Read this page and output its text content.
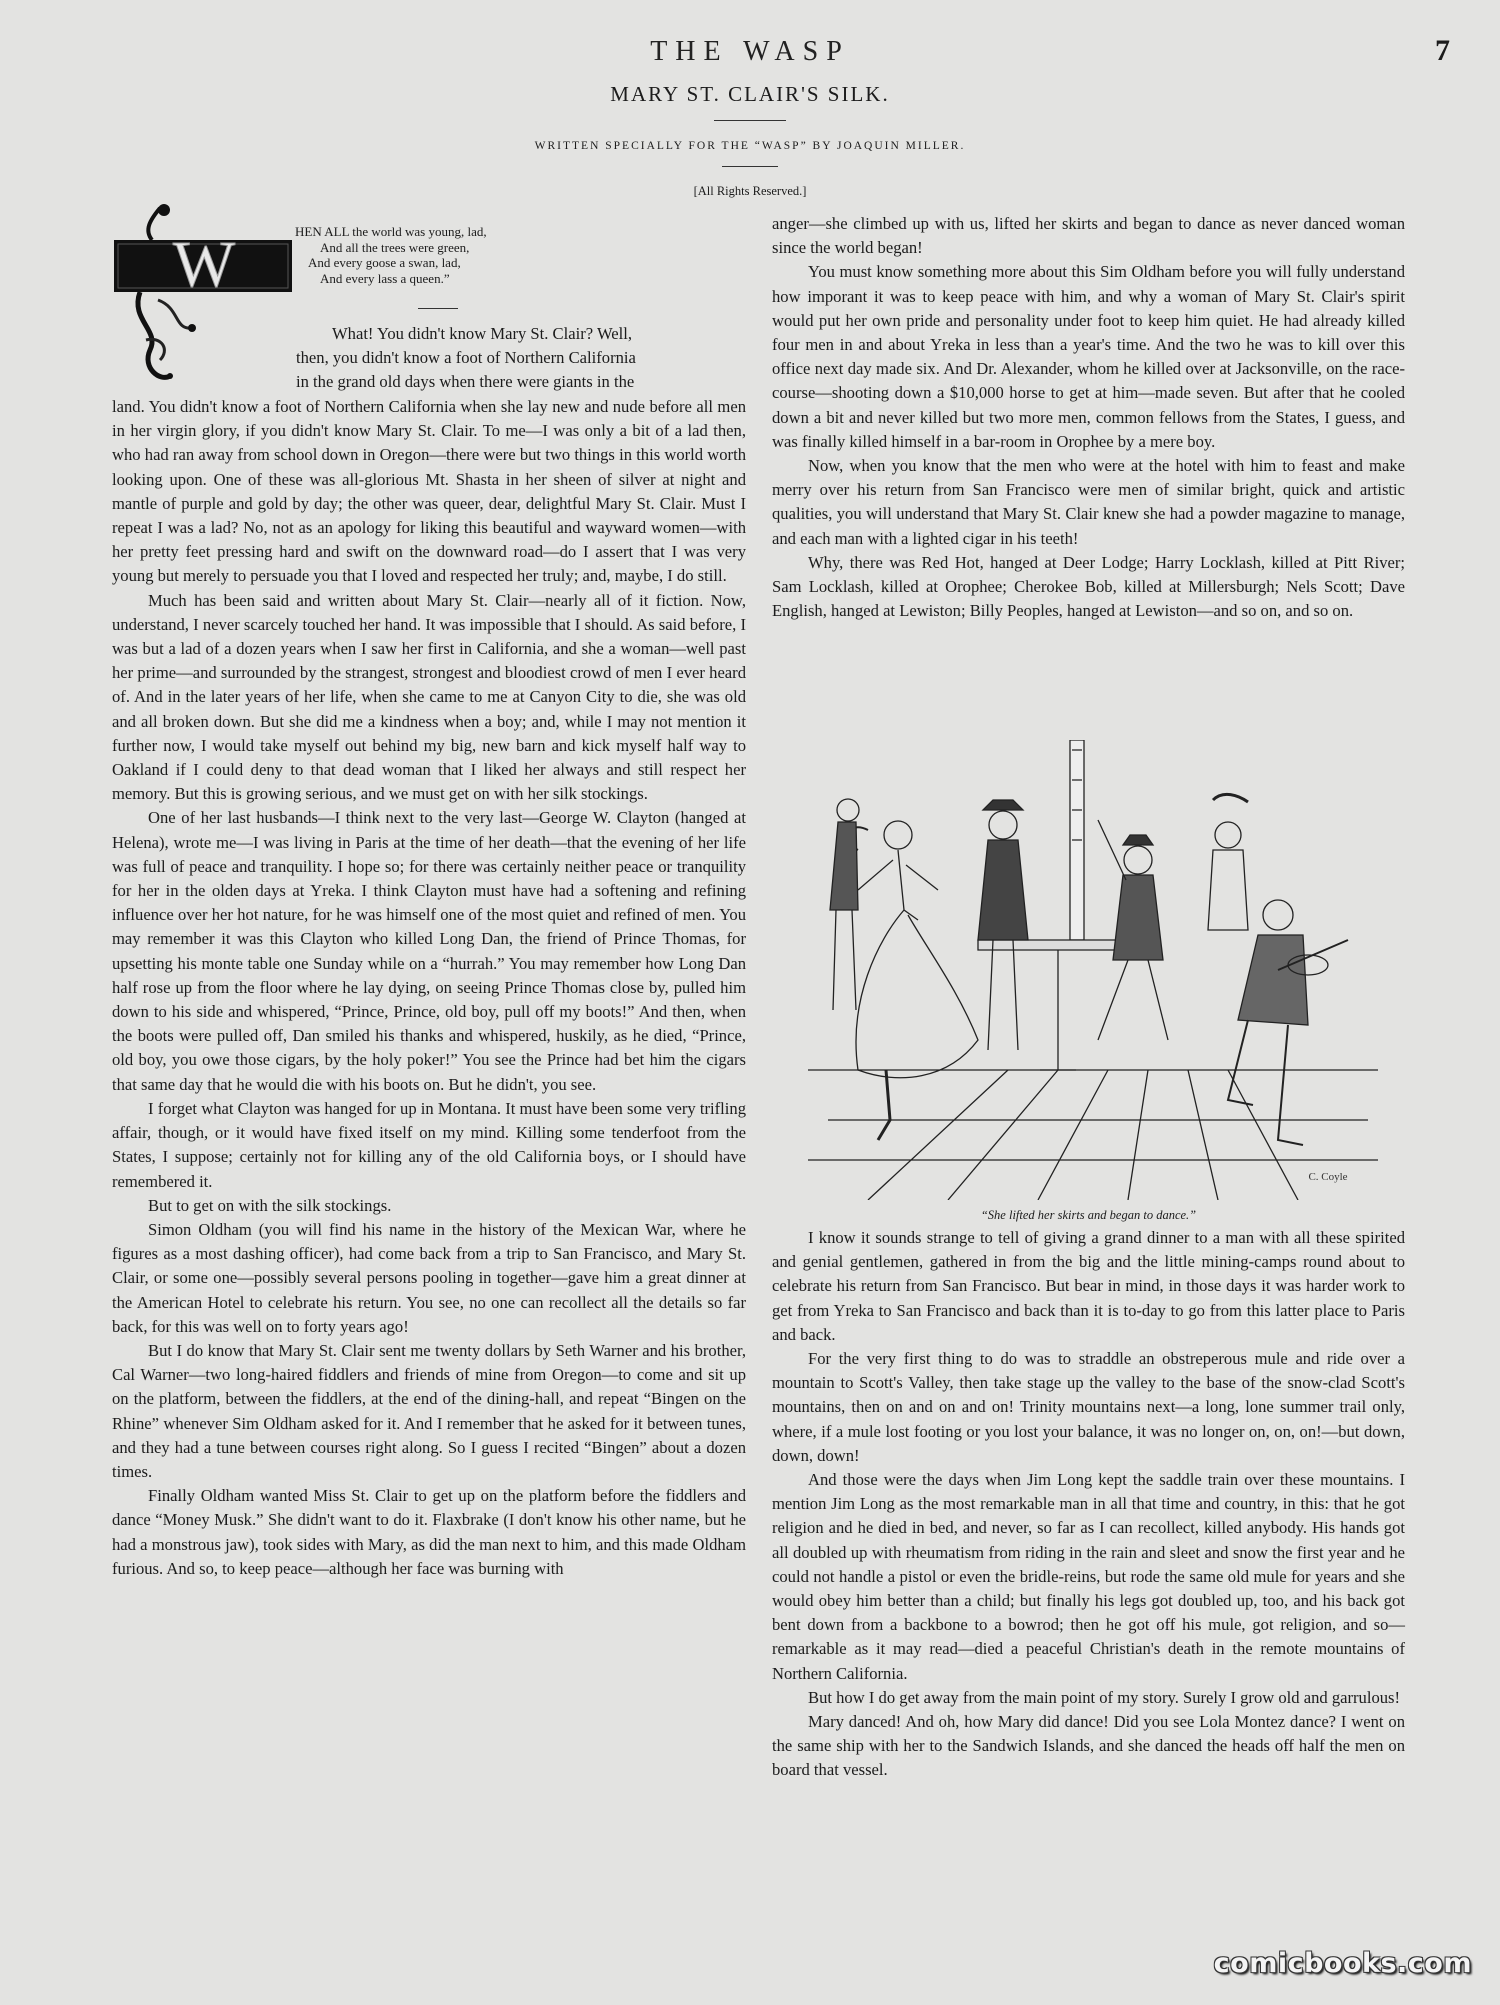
THE WASP	7
MARY ST. CLAIR'S SILK.
WRITTEN SPECIALLY FOR THE “WASP” BY JOAQUIN MILLER.
[All Rights Reserved.]
W	HEN ALL the world was young, lad,
And all the trees were green,
And every goose a swan, lad,
And every lass a queen.”

What! You didn't know Mary St. Clair? Well,

then, you didn't know a foot of Northern California

in the grand old days when there were giants in the

land. You didn't know a foot of Northern California when she lay new and nude before all men in her virgin glory, if you didn't know Mary St. Clair. To me—I was only a bit of a lad then, who had ran away from school down in Oregon—there were but two things in this world worth looking upon. One of these was all-glorious Mt. Shasta in her sheen of silver at night and mantle of purple and gold by day; the other was queer, dear, delightful Mary St. Clair. Must I repeat I was a lad? No, not as an apology for liking this beautiful and wayward women—with her pretty feet pressing hard and swift on the downward road—do I assert that I was very young but merely to persuade you that I loved and respected her truly; and, maybe, I do still.

Much has been said and written about Mary St. Clair—nearly all of it fiction. Now, understand, I never scarcely touched her hand. It was impossible that I should. As said before, I was but a lad of a dozen years when I saw her first in California, and she a woman—well past her prime—and surrounded by the strangest, strongest and bloodiest crowd of men I ever heard of. And in the later years of her life, when she came to me at Canyon City to die, she was old and all broken down. But she did me a kindness when a boy; and, while I may not mention it further now, I would take myself out behind my big, new barn and kick myself half way to Oakland if I could deny to that dead woman that I liked her always and still respect her memory. But this is growing serious, and we must get on with her silk stockings.

One of her last husbands—I think next to the very last—George W. Clayton (hanged at Helena), wrote me—I was living in Paris at the time of her death—that the evening of her life was full of peace and tranquility. I hope so; for there was certainly neither peace or tranquility for her in the olden days at Yreka. I think Clayton must have had a softening and refining influence over her hot nature, for he was himself one of the most quiet and refined of men. You may remember it was this Clayton who killed Long Dan, the friend of Prince Thomas, for upsetting his monte table one Sunday while on a “hurrah.” You may remember how Long Dan half rose up from the floor where he lay dying, on seeing Prince Thomas close by, pulled him down to his side and whispered, “Prince, Prince, old boy, pull off my boots!” And then, when the boots were pulled off, Dan smiled his thanks and whispered, huskily, as he died, “Prince, old boy, you owe those cigars, by the holy poker!” You see the Prince had bet him the cigars that same day that he would die with his boots on. But he didn't, you see.

I forget what Clayton was hanged for up in Montana. It must have been some very trifling affair, though, or it would have fixed itself on my mind. Killing some tenderfoot from the States, I suppose; certainly not for killing any of the old California boys, or I should have remembered it.

But to get on with the silk stockings.

Simon Oldham (you will find his name in the history of the Mexican War, where he figures as a most dashing officer), had come back from a trip to San Francisco, and Mary St. Clair, or some one—possibly several persons pooling in together—gave him a great dinner at the American Hotel to celebrate his return. You see, no one can recollect all the details so far back, for this was well on to forty years ago!

But I do know that Mary St. Clair sent me twenty dollars by Seth Warner and his brother, Cal Warner—two long-haired fiddlers and friends of mine from Oregon—to come and sit up on the platform, between the fiddlers, at the end of the dining-hall, and repeat “Bingen on the Rhine” whenever Sim Oldham asked for it. And I remember that he asked for it between tunes, and they had a tune between courses right along. So I guess I recited “Bingen” about a dozen times.

Finally Oldham wanted Miss St. Clair to get up on the platform before the fiddlers and dance “Money Musk.” She didn't want to do it. Flaxbrake (I don't know his other name, but he had a monstrous jaw), took sides with Mary, as did the man next to him, and this made Oldham furious. And so, to keep peace—although her face was burning with

anger—she climbed up with us, lifted her skirts and began to dance as never danced woman since the world began!

You must know something more about this Sim Oldham before you will fully understand how imporant it was to keep peace with him, and why a woman of Mary St. Clair's spirit would put her own pride and personality under foot to keep him quiet. He had already killed four men in and about Yreka in less than a year's time. And the two he was to kill over this office next day made six. And Dr. Alexander, whom he killed over at Jacksonville, on the race-course—shooting down a $10,000 horse to get at him—made seven. But after that he cooled down a bit and never killed but two more men, common fellows from the States, I guess, and was finally killed himself in a bar-room in Orophee by a mere boy.

Now, when you know that the men who were at the hotel with him to feast and make merry over his return from San Francisco were men of similar bright, quick and artistic qualities, you will understand that Mary St. Clair knew she had a powder magazine to manage, and each man with a lighted cigar in his teeth!

Why, there was Red Hot, hanged at Deer Lodge; Harry Locklash, killed at Pitt River; Sam Locklash, killed at Orophee; Cherokee Bob, killed at Millersburgh; Nels Scott; Dave English, hanged at Lewiston; Billy Peoples, hanged at Lewiston—and so on, and so on.

C. Coyle
“She lifted her skirts and began to dance.”

I know it sounds strange to tell of giving a grand dinner to a man with all these spirited and genial gentlemen, gathered in from the big and the little mining-camps round about to celebrate his return from San Francisco. But bear in mind, in those days it was harder work to get from Yreka to San Francisco and back than it is to-day to go from this latter place to Paris and back.

For the very first thing to do was to straddle an obstreperous mule and ride over a mountain to Scott's Valley, then take stage up the valley to the base of the snow-clad Scott's mountains, then on and on and on! Trinity mountains next—a long, lone summer trail only, where, if a mule lost footing or you lost your balance, it was no longer on, on, on!—but down, down, down!

And those were the days when Jim Long kept the saddle train over these mountains. I mention Jim Long as the most remarkable man in all that time and country, in this: that he got religion and he died in bed, and never, so far as I can recollect, killed anybody. His hands got all doubled up with rheumatism from riding in the rain and sleet and snow the first year and he could not handle a pistol or even the bridle-reins, but rode the same old mule for years and she would obey him better than a child; but finally his legs got doubled up, too, and his back got bent down from a backbone to a bowrod; then he got off his mule, got religion, and so—remarkable as it may read—died a peaceful Christian's death in the remote mountains of Northern California.

But how I do get away from the main point of my story. Surely I grow old and garrulous!

Mary danced! And oh, how Mary did dance! Did you see Lola Montez dance? I went on the same ship with her to the Sandwich Islands, and she danced the heads off half the men on board that vessel.

comicbooks.com
